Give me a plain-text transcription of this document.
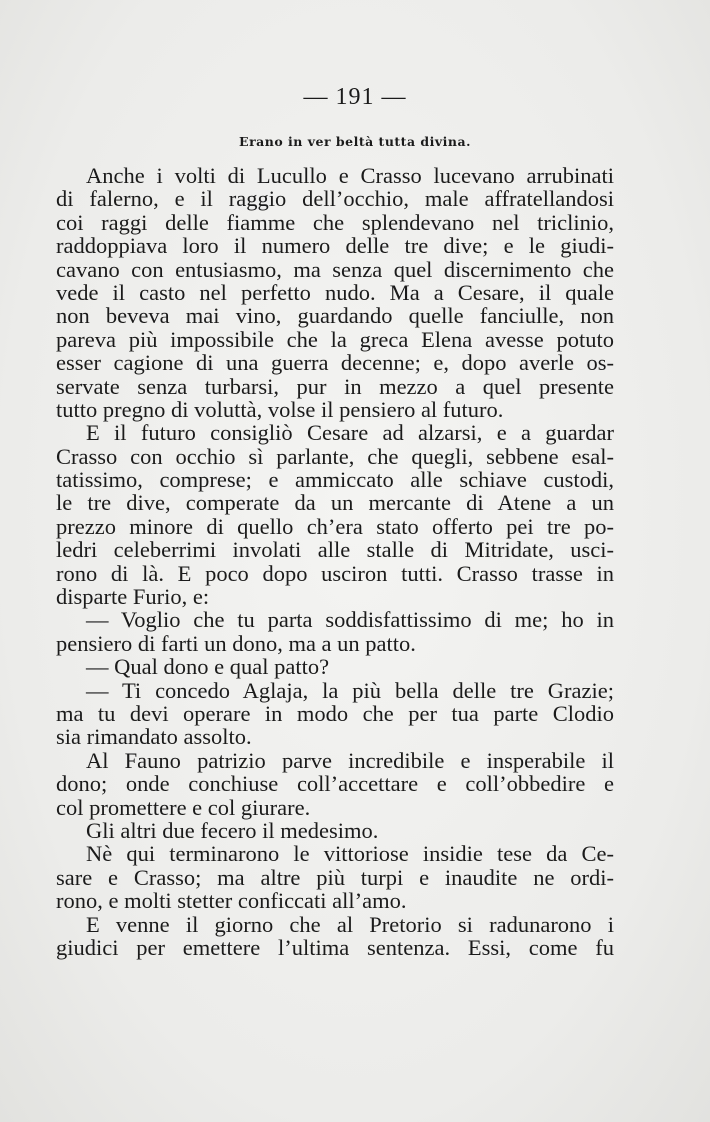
— 191 —
Erano in ver beltà tutta divina.
Anche i volti di Lucullo e Crasso lucevano arrubinati
di falerno, e il raggio dell’occhio, male affratellandosi
coi raggi delle fiamme che splendevano nel triclinio,
raddoppiava loro il numero delle tre dive; e le giudi-
cavano con entusiasmo, ma senza quel discernimento che
vede il casto nel perfetto nudo. Ma a Cesare, il quale
non beveva mai vino, guardando quelle fanciulle, non
pareva più impossibile che la greca Elena avesse potuto
esser cagione di una guerra decenne; e, dopo averle os-
servate senza turbarsi, pur in mezzo a quel presente
tutto pregno di voluttà, volse il pensiero al futuro.
E il futuro consigliò Cesare ad alzarsi, e a guardar
Crasso con occhio sì parlante, che quegli, sebbene esal-
tatissimo, comprese; e ammiccato alle schiave custodi,
le tre dive, comperate da un mercante di Atene a un
prezzo minore di quello ch’era stato offerto pei tre po-
ledri celeberrimi involati alle stalle di Mitridate, usci-
rono di là. E poco dopo usciron tutti. Crasso trasse in
disparte Furio, e:
— Voglio che tu parta soddisfattissimo di me; ho in
pensiero di farti un dono, ma a un patto.
— Qual dono e qual patto?
— Ti concedo Aglaja, la più bella delle tre Grazie;
ma tu devi operare in modo che per tua parte Clodio
sia rimandato assolto.
Al Fauno patrizio parve incredibile e insperabile il
dono; onde conchiuse coll’accettare e coll’obbedire e
col promettere e col giurare.
Gli altri due fecero il medesimo.
Nè qui terminarono le vittoriose insidie tese da Ce-
sare e Crasso; ma altre più turpi e inaudite ne ordi-
rono, e molti stetter conficcati all’amo.
E venne il giorno che al Pretorio si radunarono i
giudici per emettere l’ultima sentenza. Essi, come fu
